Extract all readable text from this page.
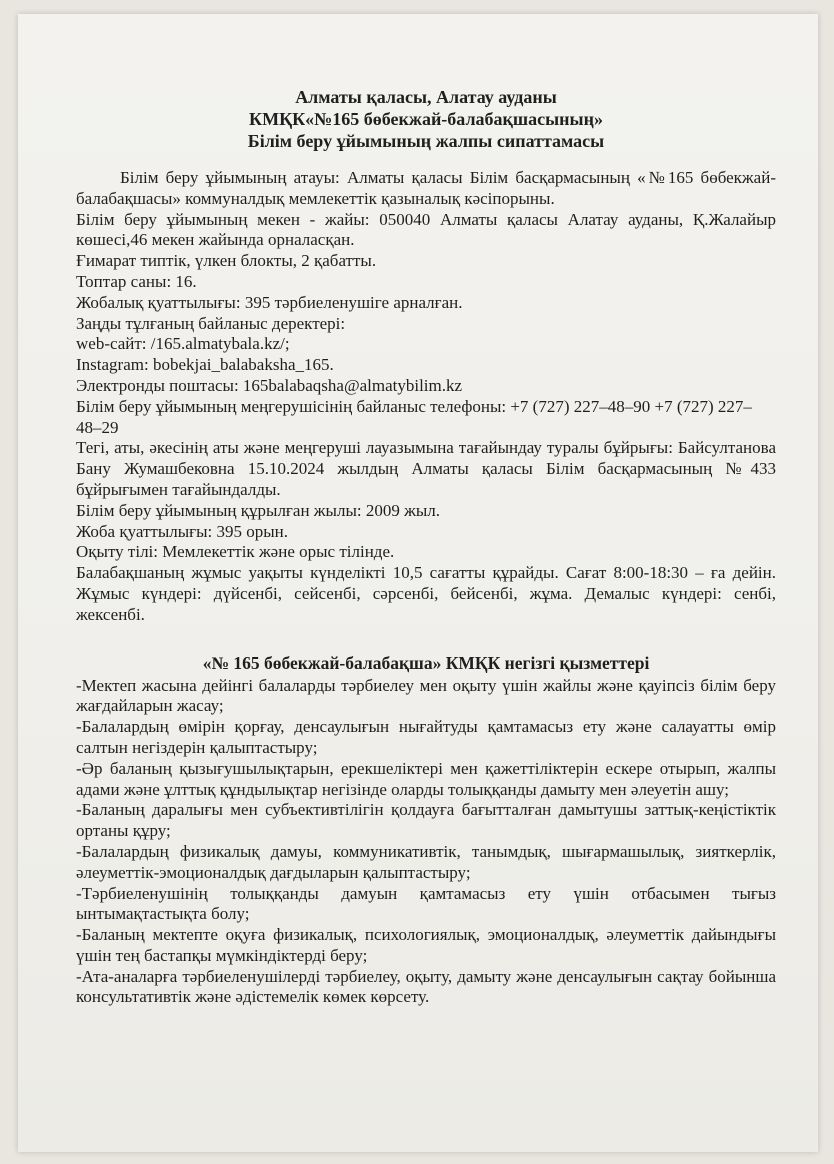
Алматы қаласы, Алатау ауданы
КМҚК«№165 бөбекжай-балабақшасының»
Білім беру ұйымының жалпы сипаттамасы
Білім беру ұйымының атауы: Алматы қаласы Білім басқармасының «№165 бөбекжай- балабақшасы» коммуналдық мемлекеттік қазыналық кәсіпорыны.
Білім беру ұйымының мекен - жайы: 050040 Алматы қаласы Алатау ауданы, Қ.Жалайыр көшесі,46 мекен жайында орналасқан.
Ғимарат типтік, үлкен блокты, 2 қабатты.
Топтар саны: 16.
Жобалық қуаттылығы: 395 тәрбиеленушіге арналған.
Заңды тұлғаның байланыс деректері:
web-сайт: /165.almatybala.kz/;
Instagram: bobekjai_balabaksha_165.
Электронды поштасы: 165balabaqsha@almatybilim.kz
Білім беру ұйымының меңгерушісінің байланыс телефоны: +7 (727) 227–48–90 +7 (727) 227–48–29
Тегі, аты, әкесінің аты және меңгеруші лауазымына тағайындау туралы бұйрығы: Байсултанова Бану Жумашбековна 15.10.2024 жылдың Алматы қаласы Білім басқармасының №433 бұйрығымен тағайындалды.
Білім беру ұйымының құрылған жылы: 2009 жыл.
Жоба қуаттылығы: 395 орын.
Оқыту тілі: Мемлекеттік және орыс тілінде.
Балабақшаның жұмыс уақыты күнделікті 10,5 сағатты құрайды. Сағат 8:00-18:30 – ға дейін. Жұмыс күндері: дүйсенбі, сейсенбі, сәрсенбі, бейсенбі, жұма. Демалыс күндері: сенбі, жексенбі.
«№ 165 бөбекжай-балабақша» КМҚК негізгі қызметтері
-Мектеп жасына дейінгі балаларды тәрбиелеу мен оқыту үшін жайлы және қауіпсіз білім беру жағдайларын жасау;
-Балалардың өмірін қорғау, денсаулығын нығайтуды қамтамасыз ету және салауатты өмір салтын негіздерін қалыптастыру;
-Әр баланың қызығушылықтарын, ерекшеліктері мен қажеттіліктерін ескере отырып, жалпы адами және ұлттық құндылықтар негізінде оларды толыққанды дамыту мен әлеуетін ашу;
-Баланың даралығы мен субъективтілігін қолдауға бағытталған дамытушы заттық-кеңістіктік ортаны құру;
-Балалардың физикалық дамуы, коммуникативтік, танымдық, шығармашылық, зияткерлік, әлеуметтік-эмоционалдық дағдыларын қалыптастыру;
-Тәрбиеленушінің толыққанды дамуын қамтамасыз ету үшін отбасымен тығыз ынтымақтастықта болу;
-Баланың мектепте оқуға физикалық, психологиялық, эмоционалдық, әлеуметтік дайындығы үшін тең бастапқы мүмкіндіктерді беру;
-Ата-аналарға тәрбиеленушілерді тәрбиелеу, оқыту, дамыту және денсаулығын сақтау бойынша консультативтік және әдістемелік көмек көрсету.
